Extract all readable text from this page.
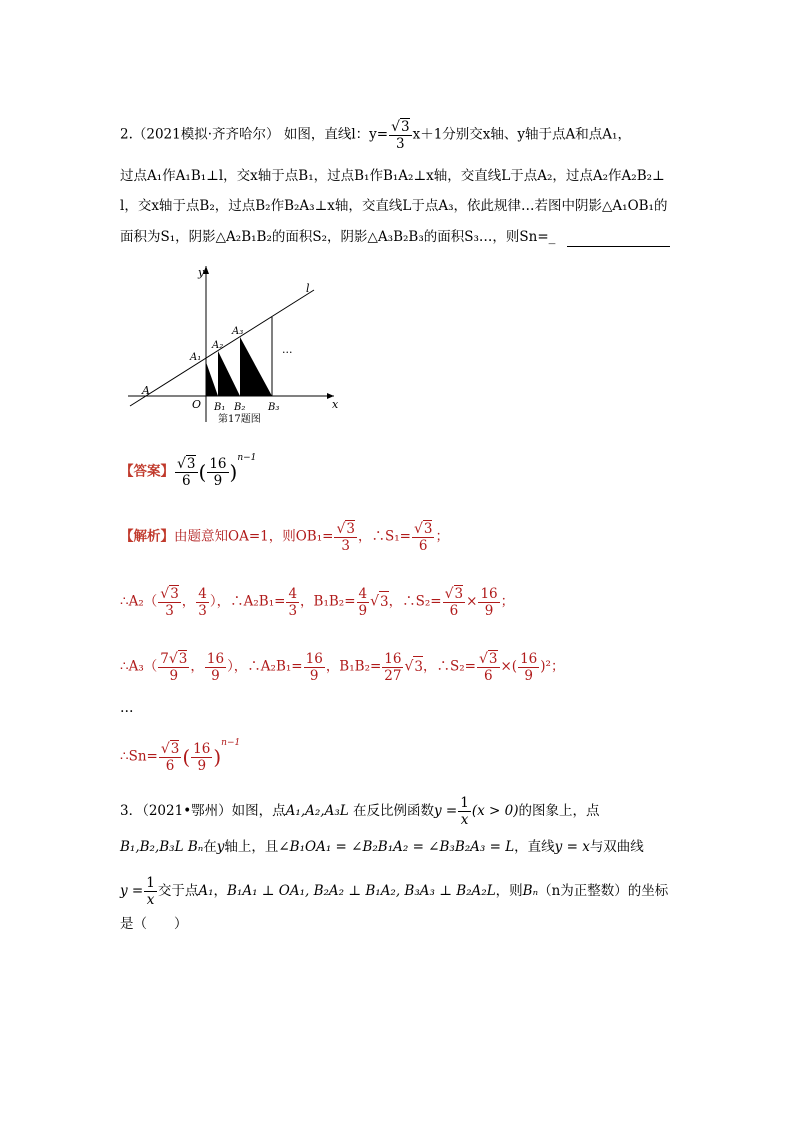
2.（2021模拟·齐齐哈尔） 如图，直线l：$y= \frac{√3}{3} x+1$分别交x轴、y轴于点A和点A₁，
过点A₁作A₁B₁⊥l，交x轴于点B₁，过点B₁作B₁A₂⊥x轴，交直线L于点A₂，过点A₂作A₂B₂⊥
l，交x轴于点B₂，过点B₂作B₂A₃⊥x轴，交直线L于点A₃，依此规律…若图中阴影△A₁OB₁的
面积为S₁，阴影△A₂B₁B₂的面积S₂，阴影△A₃B₂B₃的面积S₃…，则Sn=_
y
x
l
A
O
A₁
A₂
A₃
B₁ B₂ B₃
···
第17题图
【答案】 $\frac{√3}{6}$ ( $\frac{16}{9} )^{n-1}$
【解析】由题意知OA=1，则$OB_1= \frac{√3}{3}$ ，∴S₁= $\frac{√3}{6}$ ；
∴A₂（ $\frac{√3}{3}$ ， $\frac{4}{3}$ ），∴A₂B₁= $\frac{4}{3}$ ，$B_1B_2= \frac{4}{9} √3$，∴S₂= $\frac{√3}{6} \times \frac{16}{9}$ ；
∴A₃（ $\frac{7√3}{9}$ ， $\frac{16}{9}$ ），∴A₂B₁= $\frac{16}{9}$ ，$B_1B_2= \frac{16}{27} √3$，∴S₂= $\frac{√3}{6}$ ×( $\frac{16}{9} )^2$；
…
∴Sn= $\frac{√3}{6}$ ( $\frac{16}{9} )^{n-1}$
3．（2021•鄂州）如图，点A₁,A₂,A₃L 在反比例函数$y = \frac{1}{x} (x > 0)$的图象上，点
B₁,B₂,B₃L Bₙ在y轴上，且∠B₁OA₁ = ∠B₂B₁A₂ = ∠B₃B₂A₃ = L，直线y = x与双曲线
$y = \frac{1}{x}$ 交于点A₁，B₁A₁ ⊥ OA₁, B₂A₂ ⊥ B₁A₂, B₃A₃ ⊥ B₂A₂L，则Bₙ（n为正整数）的坐标
是（　　）
